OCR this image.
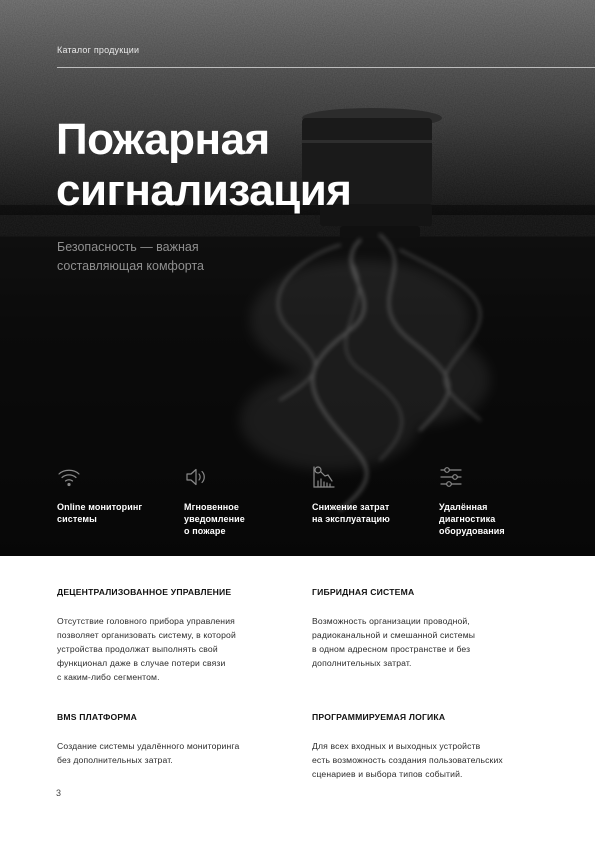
Каталог продукции
Пожарная
сигнализация
Безопасность — важная
составляющая комфорта
Online мониторинг
системы
Мгновенное
уведомление
о пожаре
Снижение затрат
на эксплуатацию
Удалённая
диагностика
оборудования
ДЕЦЕНТРАЛИЗОВАННОЕ УПРАВЛЕНИЕ
Отсутствие головного прибора управления
позволяет организовать систему, в которой
устройства продолжат выполнять свой
функционал даже в случае потери связи
с каким-либо сегментом.
ГИБРИДНАЯ СИСТЕМА
Возможность организации проводной,
радиоканальной и смешанной системы
в одном адресном пространстве и без
дополнительных затрат.
BMS ПЛАТФОРМА
Создание системы удалённого мониторинга
без дополнительных затрат.
ПРОГРАММИРУЕМАЯ ЛОГИКА
Для всех входных и выходных устройств
есть возможность создания пользовательских
сценариев и выбора типов событий.
3
